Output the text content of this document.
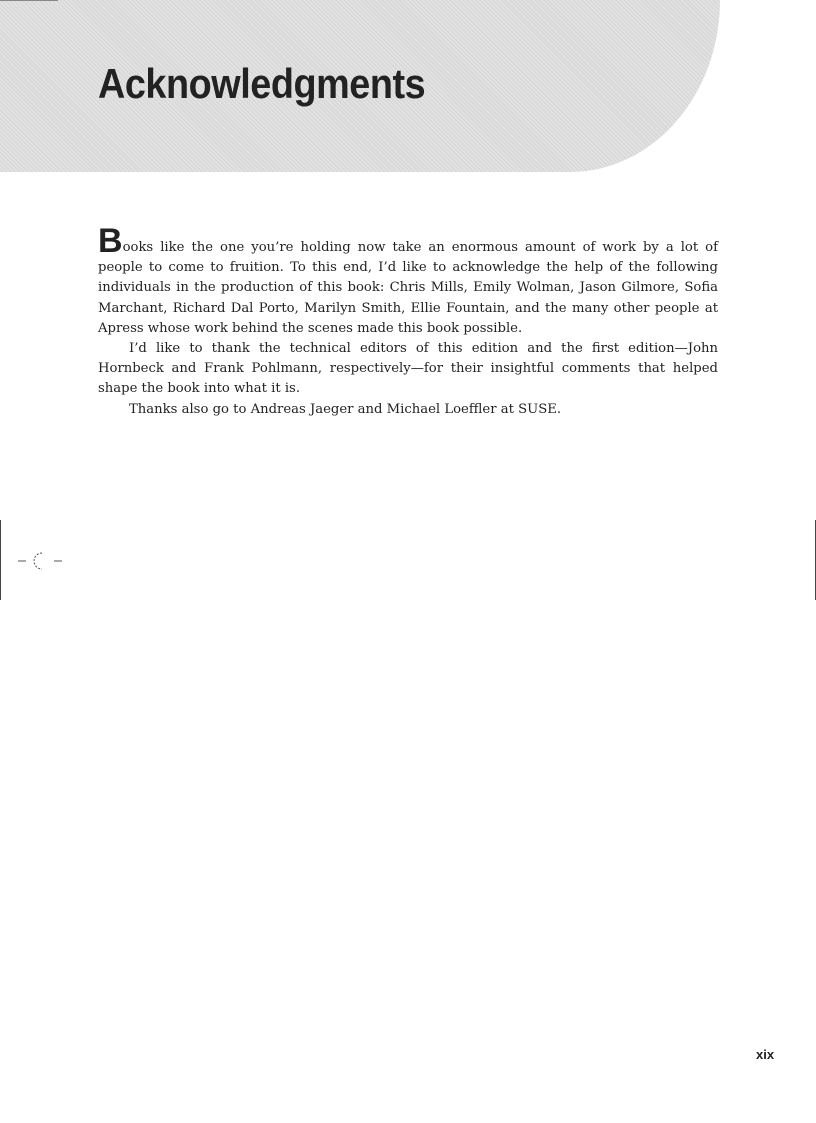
Acknowledgments

Books like the one you’re holding now take an enormous amount of work by a lot of people to come to fruition. To this end, I’d like to acknowledge the help of the following individuals in the production of this book: Chris Mills, Emily Wolman, Jason Gilmore, Sofia Marchant, Richard Dal Porto, Marilyn Smith, Ellie Fountain, and the many other people at Apress whose work behind the scenes made this book possible.

I’d like to thank the technical editors of this edition and the first edition—John Hornbeck and Frank Pohlmann, respectively—for their insightful comments that helped shape the book into what it is.

Thanks also go to Andreas Jaeger and Michael Loeffler at SUSE.

xix
